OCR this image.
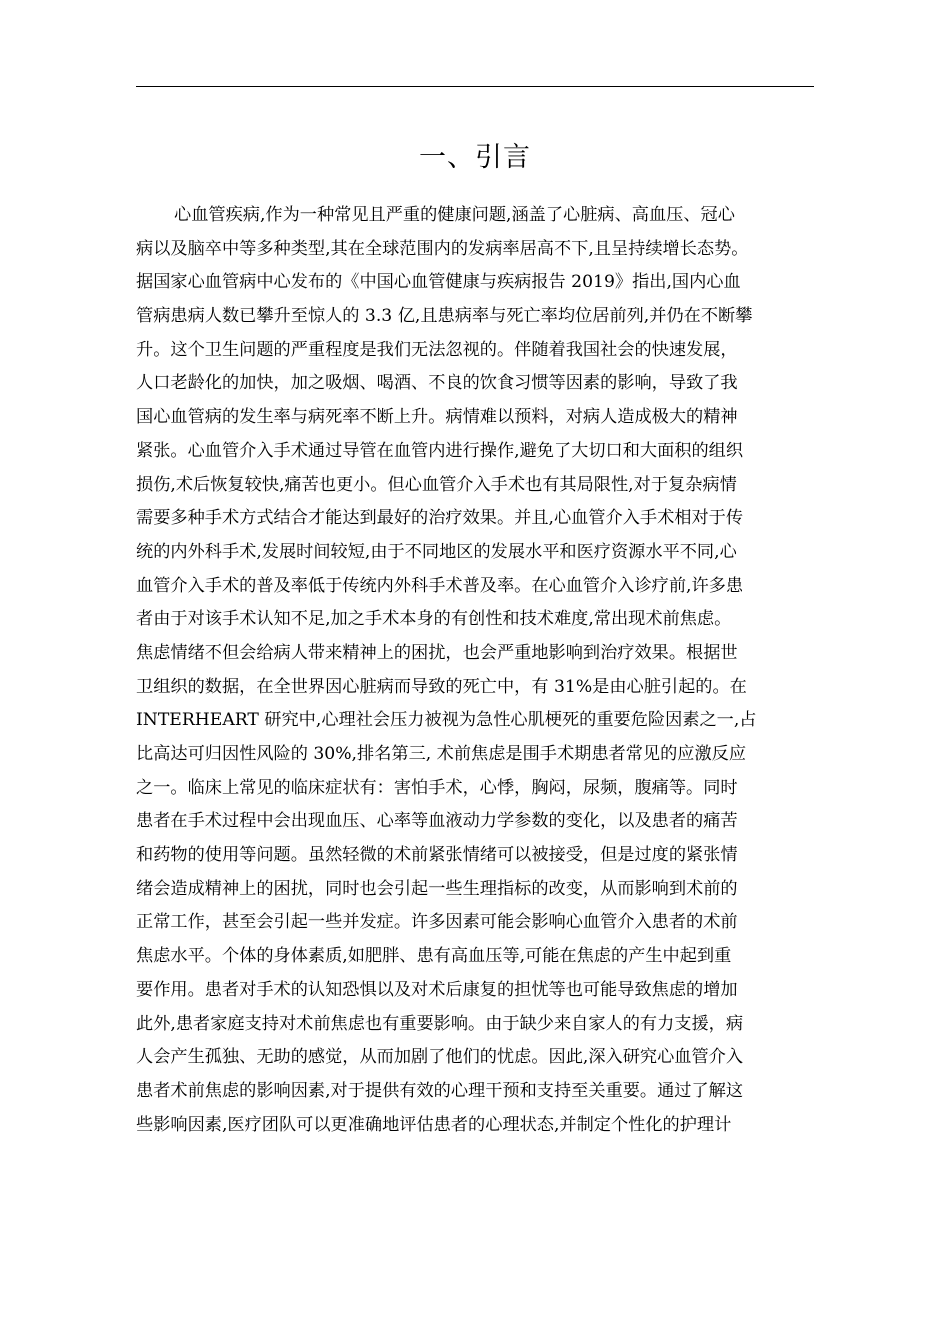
一、引言
心血管疾病,作为一种常见且严重的健康问题,涵盖了心脏病、高血压、冠心
病以及脑卒中等多种类型,其在全球范围内的发病率居高不下,且呈持续增长态势。
据国家心血管病中心发布的《中国心血管健康与疾病报告 2019》指出,国内心血
管病患病人数已攀升至惊人的 3.3 亿,且患病率与死亡率均位居前列,并仍在不断攀
升。这个卫生问题的严重程度是我们无法忽视的。伴随着我国社会的快速发展，
人口老龄化的加快，加之吸烟、喝酒、不良的饮食习惯等因素的影响，导致了我
国心血管病的发生率与病死率不断上升。病情难以预料，对病人造成极大的精神
紧张。心血管介入手术通过导管在血管内进行操作,避免了大切口和大面积的组织
损伤,术后恢复较快,痛苦也更小。但心血管介入手术也有其局限性,对于复杂病情
需要多种手术方式结合才能达到最好的治疗效果。并且,心血管介入手术相对于传
统的内外科手术,发展时间较短,由于不同地区的发展水平和医疗资源水平不同,心
血管介入手术的普及率低于传统内外科手术普及率。在心血管介入诊疗前,许多患
者由于对该手术认知不足,加之手术本身的有创性和技术难度,常出现术前焦虑。
焦虑情绪不但会给病人带来精神上的困扰，也会严重地影响到治疗效果。根据世
卫组织的数据，在全世界因心脏病而导致的死亡中，有 31%是由心脏引起的。在
INTERHEART 研究中,心理社会压力被视为急性心肌梗死的重要危险因素之一,占
比高达可归因性风险的 30%,排名第三, 术前焦虑是围手术期患者常见的应激反应
之一。临床上常见的临床症状有：害怕手术，心悸，胸闷，尿频，腹痛等。同时
患者在手术过程中会出现血压、心率等血液动力学参数的变化，以及患者的痛苦
和药物的使用等问题。虽然轻微的术前紧张情绪可以被接受，但是过度的紧张情
绪会造成精神上的困扰，同时也会引起一些生理指标的改变，从而影响到术前的
正常工作，甚至会引起一些并发症。许多因素可能会影响心血管介入患者的术前
焦虑水平。个体的身体素质,如肥胖、患有高血压等,可能在焦虑的产生中起到重
要作用。患者对手术的认知恐惧以及对术后康复的担忧等也可能导致焦虑的增加
此外,患者家庭支持对术前焦虑也有重要影响。由于缺少来自家人的有力支援，病
人会产生孤独、无助的感觉，从而加剧了他们的忧虑。因此,深入研究心血管介入
患者术前焦虑的影响因素,对于提供有效的心理干预和支持至关重要。通过了解这
些影响因素,医疗团队可以更准确地评估患者的心理状态,并制定个性化的护理计
